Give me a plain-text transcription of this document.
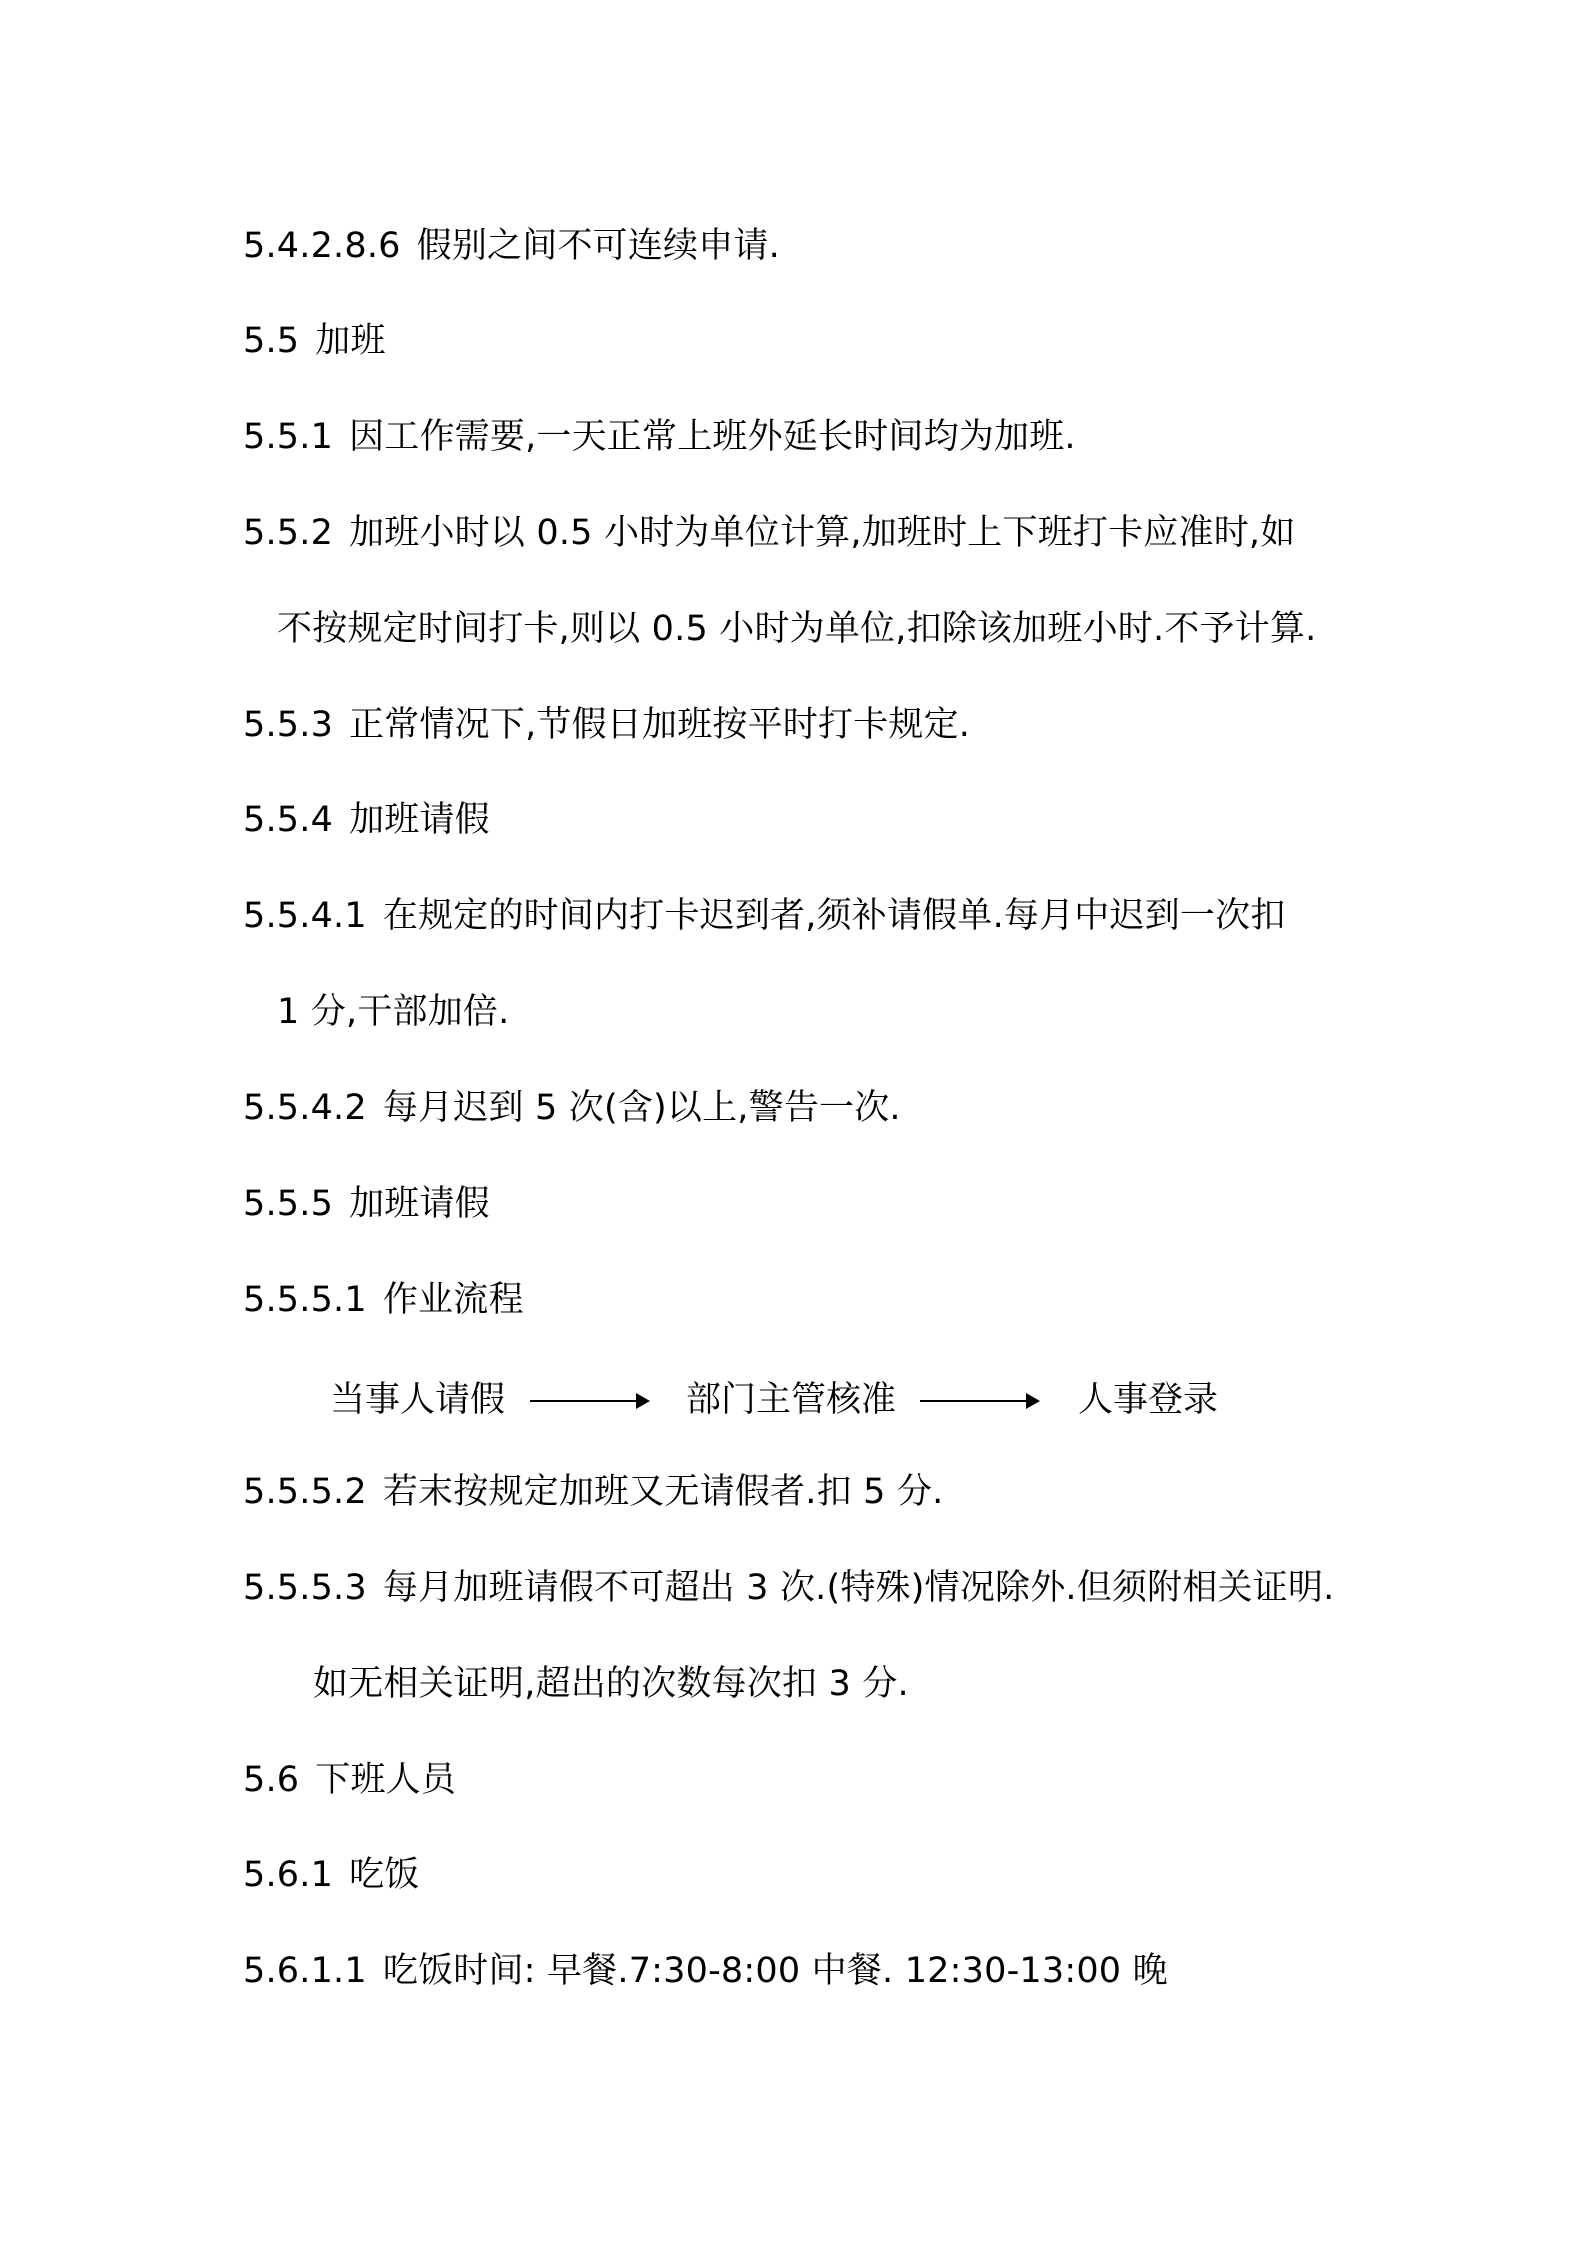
5.4.2.8.6 假别之间不可连续申请.
5.5 加班
5.5.1 因工作需要,一天正常上班外延长时间均为加班.
5.5.2 加班小时以 0.5 小时为单位计算,加班时上下班打卡应准时,如
不按规定时间打卡,则以 0.5 小时为单位,扣除该加班小时.不予计算.
5.5.3 正常情况下,节假日加班按平时打卡规定.
5.5.4 加班请假
5.5.4.1 在规定的时间内打卡迟到者,须补请假单.每月中迟到一次扣
1 分,干部加倍.
5.5.4.2 每月迟到 5 次(含)以上,警告一次.
5.5.5 加班请假
5.5.5.1 作业流程
当事人请假	部门主管核准	人事登录
5.5.5.2 若末按规定加班又无请假者.扣 5 分.
5.5.5.3 每月加班请假不可超出 3 次.(特殊)情况除外.但须附相关证明.
如无相关证明,超出的次数每次扣 3 分.
5.6 下班人员
5.6.1 吃饭
5.6.1.1 吃饭时间: 早餐.7:30-8:00 中餐. 12:30-13:00 晚
